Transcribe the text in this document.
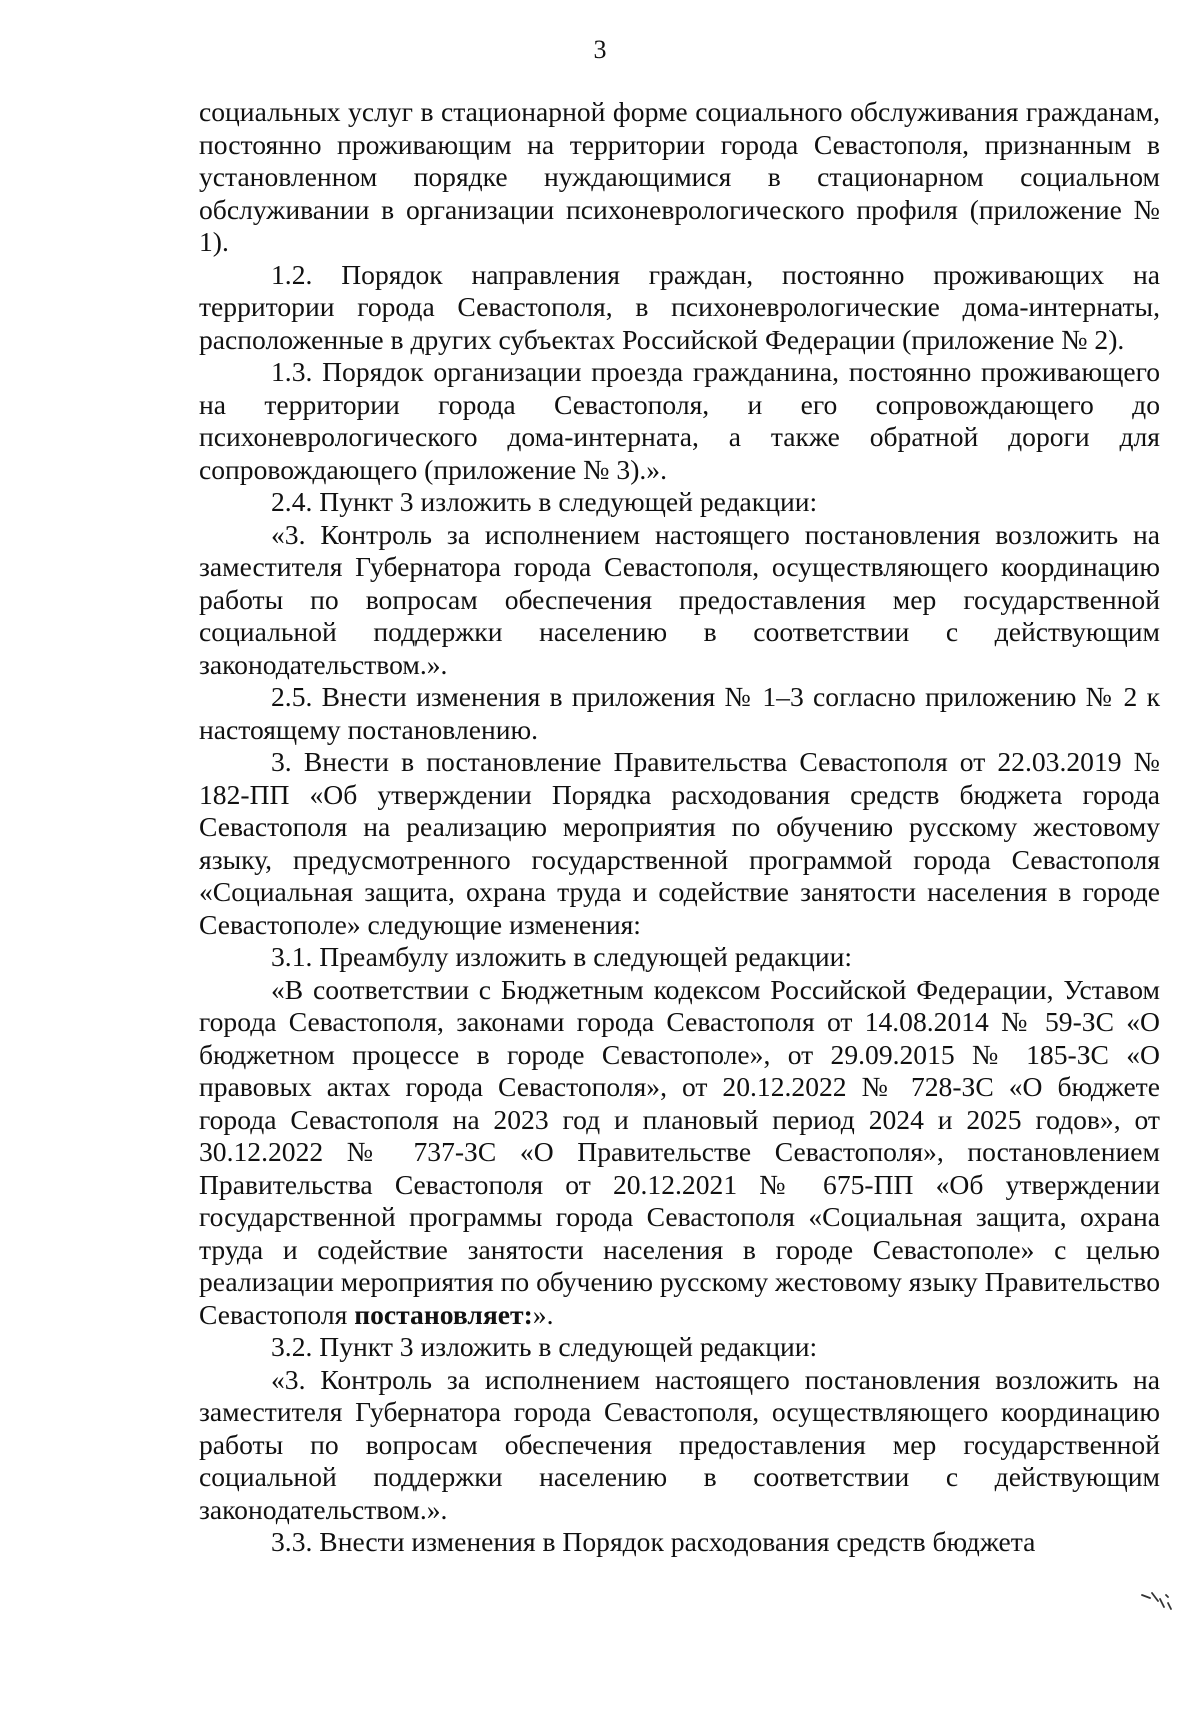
3

социальных услуг в стационарной форме социального обслуживания гражданам, постоянно проживающим на территории города Севастополя, признанным в установленном порядке нуждающимися в стационарном социальном обслуживании в организации психоневрологического профиля (приложение № 1).

1.2. Порядок направления граждан, постоянно проживающих на территории города Севастополя, в психоневрологические дома-интернаты, расположенные в других субъектах Российской Федерации (приложение № 2).

1.3. Порядок организации проезда гражданина, постоянно проживающего на территории города Севастополя, и его сопровождающего до психоневрологического дома-интерната, а также обратной дороги для сопровождающего (приложение № 3).».

2.4. Пункт 3 изложить в следующей редакции:

«3. Контроль за исполнением настоящего постановления возложить на заместителя Губернатора города Севастополя, осуществляющего координацию работы по вопросам обеспечения предоставления мер государственной социальной поддержки населению в соответствии с действующим законодательством.».

2.5. Внести изменения в приложения № 1–3 согласно приложению № 2 к настоящему постановлению.

3. Внести в постановление Правительства Севастополя от 22.03.2019 № 182-ПП «Об утверждении Порядка расходования средств бюджета города Севастополя на реализацию мероприятия по обучению русскому жестовому языку, предусмотренного государственной программой города Севастополя «Социальная защита, охрана труда и содействие занятости населения в городе Севастополе» следующие изменения:

3.1. Преамбулу изложить в следующей редакции:

«В соответствии с Бюджетным кодексом Российской Федерации, Уставом города Севастополя, законами города Севастополя от 14.08.2014 № 59-ЗС «О бюджетном процессе в городе Севастополе», от 29.09.2015 № 185-ЗС «О правовых актах города Севастополя», от 20.12.2022 № 728-ЗС «О бюджете города Севастополя на 2023 год и плановый период 2024 и 2025 годов», от 30.12.2022 № 737-ЗС «О Правительстве Севастополя», постановлением Правительства Севастополя от 20.12.2021 № 675-ПП «Об утверждении государственной программы города Севастополя «Социальная защита, охрана труда и содействие занятости населения в городе Севастополе» с целью реализации мероприятия по обучению русскому жестовому языку Правительство Севастополя постановляет:».

3.2. Пункт 3 изложить в следующей редакции:

«3. Контроль за исполнением настоящего постановления возложить на заместителя Губернатора города Севастополя, осуществляющего координацию работы по вопросам обеспечения предоставления мер государственной социальной поддержки населению в соответствии с действующим законодательством.».

3.3. Внести изменения в Порядок расходования средств бюджета
